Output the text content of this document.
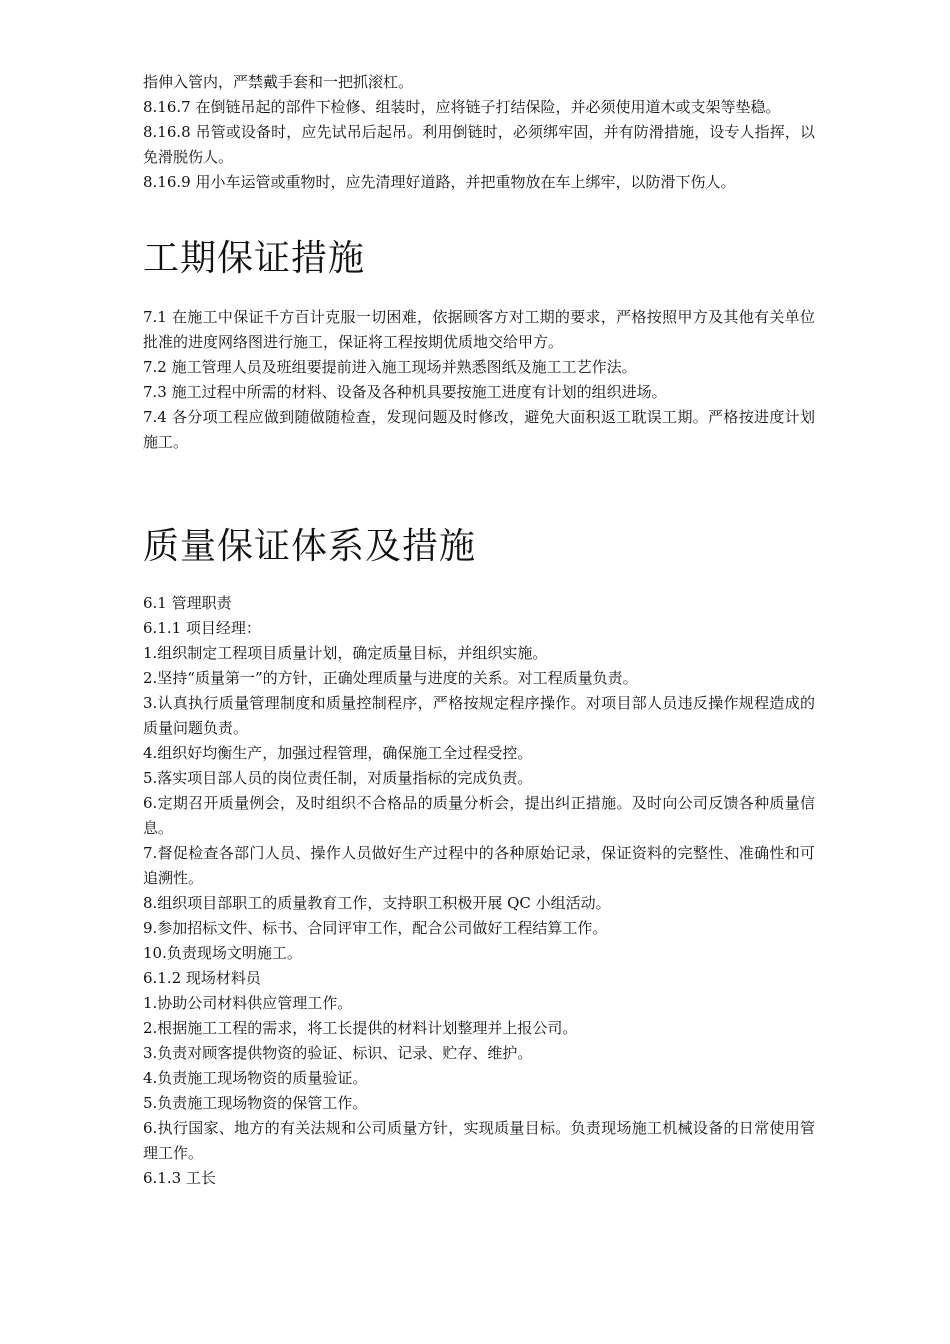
指伸入管内，严禁戴手套和一把抓滚杠。

8.16.7 在倒链吊起的部件下检修、组装时，应将链子打结保险，并必须使用道木或支架等垫稳。

8.16.8 吊管或设备时，应先试吊后起吊。利用倒链时，必须绑牢固，并有防滑措施，设专人指挥，以免滑脱伤人。

8.16.9 用小车运管或重物时，应先清理好道路，并把重物放在车上绑牢，以防滑下伤人。

工期保证措施

7.1 在施工中保证千方百计克服一切困难，依据顾客方对工期的要求，严格按照甲方及其他有关单位批准的进度网络图进行施工，保证将工程按期优质地交给甲方。

7.2 施工管理人员及班组要提前进入施工现场并熟悉图纸及施工工艺作法。

7.3 施工过程中所需的材料、设备及各种机具要按施工进度有计划的组织进场。

7.4 各分项工程应做到随做随检查，发现问题及时修改，避免大面积返工耽误工期。严格按进度计划施工。

质量保证体系及措施

6.1 管理职责

6.1.1 项目经理：

1.组织制定工程项目质量计划，确定质量目标，并组织实施。

2.坚持“质量第一”的方针，正确处理质量与进度的关系。对工程质量负责。

3.认真执行质量管理制度和质量控制程序，严格按规定程序操作。对项目部人员违反操作规程造成的质量问题负责。

4.组织好均衡生产，加强过程管理，确保施工全过程受控。

5.落实项目部人员的岗位责任制，对质量指标的完成负责。

6.定期召开质量例会，及时组织不合格品的质量分析会，提出纠正措施。及时向公司反馈各种质量信息。

7.督促检查各部门人员、操作人员做好生产过程中的各种原始记录，保证资料的完整性、准确性和可追溯性。

8.组织项目部职工的质量教育工作，支持职工积极开展 QC 小组活动。

9.参加招标文件、标书、合同评审工作，配合公司做好工程结算工作。

10.负责现场文明施工。

6.1.2 现场材料员

1.协助公司材料供应管理工作。

2.根据施工工程的需求，将工长提供的材料计划整理并上报公司。

3.负责对顾客提供物资的验证、标识、记录、贮存、维护。

4.负责施工现场物资的质量验证。

5.负责施工现场物资的保管工作。

6.执行国家、地方的有关法规和公司质量方针，实现质量目标。负责现场施工机械设备的日常使用管理工作。

6.1.3 工长
